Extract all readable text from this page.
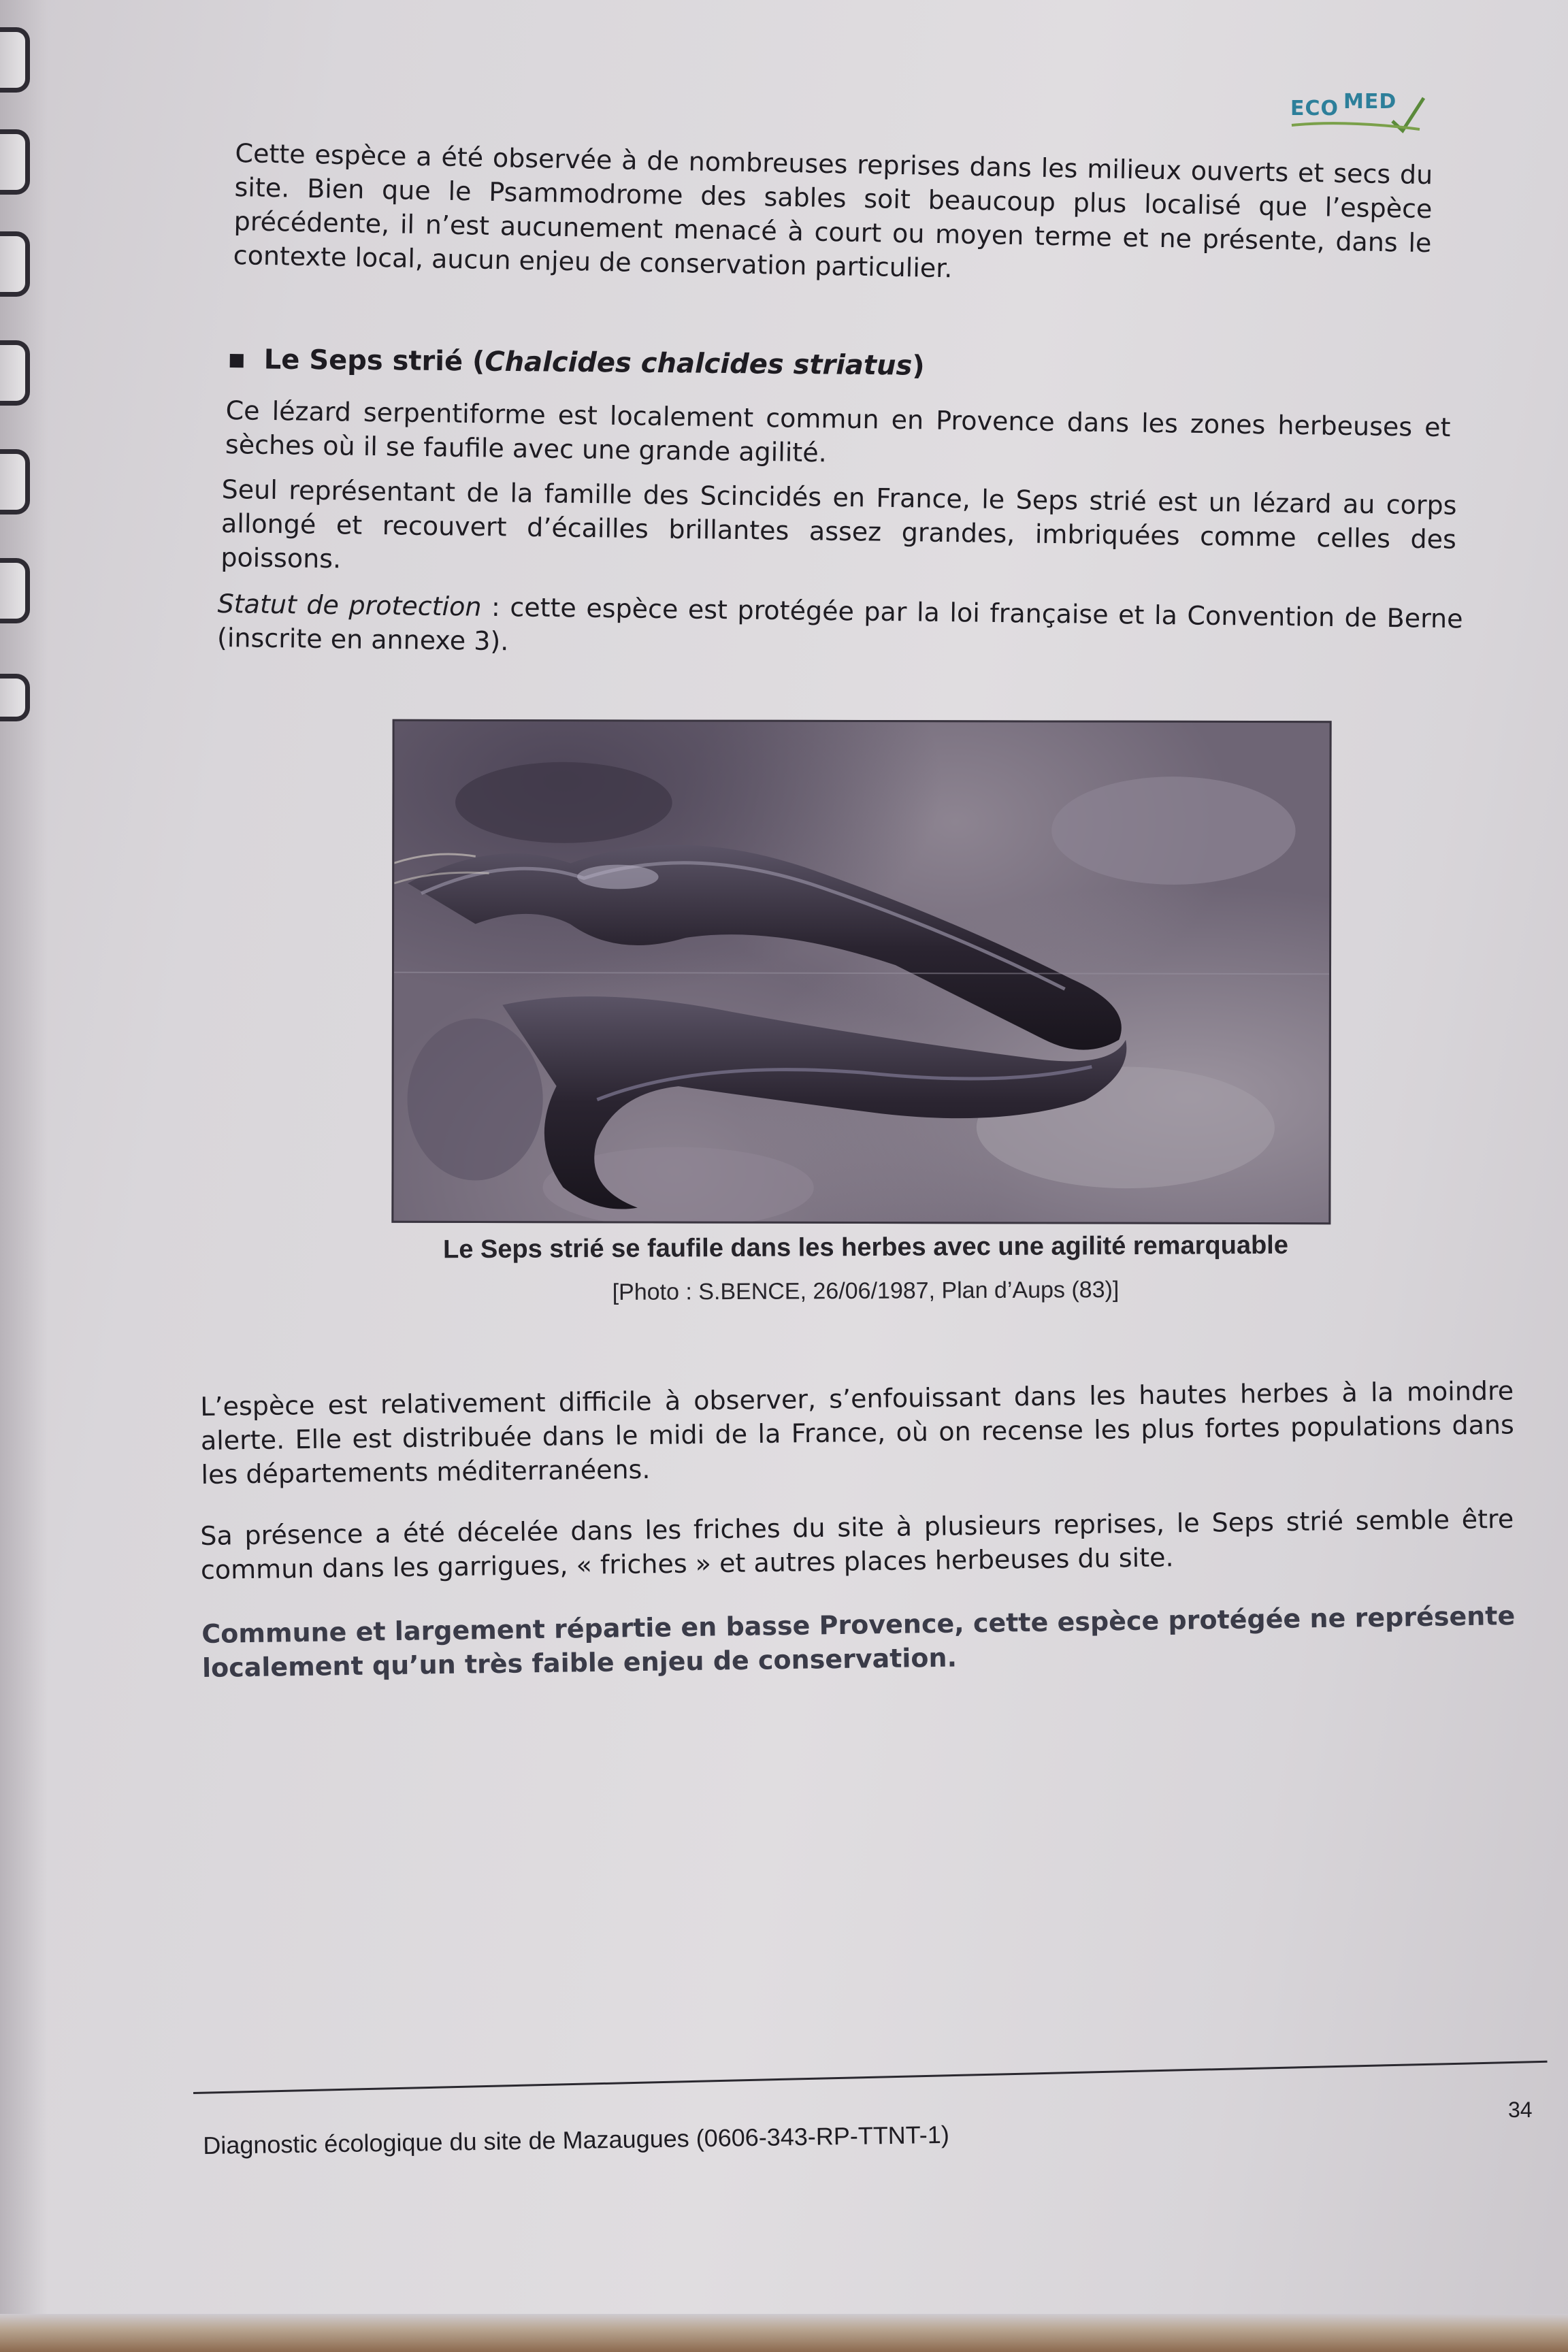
ECO MED
Cette espèce a été observée à de nombreuses reprises dans les milieux ouverts et secs du site. Bien que le Psammodrome des sables soit beaucoup plus localisé que l’espèce précédente, il n’est aucunement menacé à court ou moyen terme et ne présente, dans le contexte local, aucun enjeu de conservation particulier.
Le Seps strié (Chalcides chalcides striatus)
Ce lézard serpentiforme est localement commun en Provence dans les zones herbeuses et sèches où il se faufile avec une grande agilité.
Seul représentant de la famille des Scincidés en France, le Seps strié est un lézard au corps allongé et recouvert d’écailles brillantes assez grandes, imbriquées comme celles des poissons.
Statut de protection : cette espèce est protégée par la loi française et la Convention de Berne (inscrite en annexe 3).
Le Seps strié se faufile dans les herbes avec une agilité remarquable
[Photo : S.BENCE, 26/06/1987, Plan d’Aups (83)]
L’espèce est relativement difficile à observer, s’enfouissant dans les hautes herbes à la moindre alerte. Elle est distribuée dans le midi de la France, où on recense les plus fortes populations dans les départements méditerranéens.
Sa présence a été décelée dans les friches du site à plusieurs reprises, le Seps strié semble être commun dans les garrigues, « friches » et autres places herbeuses du site.
Commune et largement répartie en basse Provence, cette espèce protégée ne représente localement qu’un très faible enjeu de conservation.
Diagnostic écologique du site de Mazaugues (0606-343-RP-TTNT-1)
34
